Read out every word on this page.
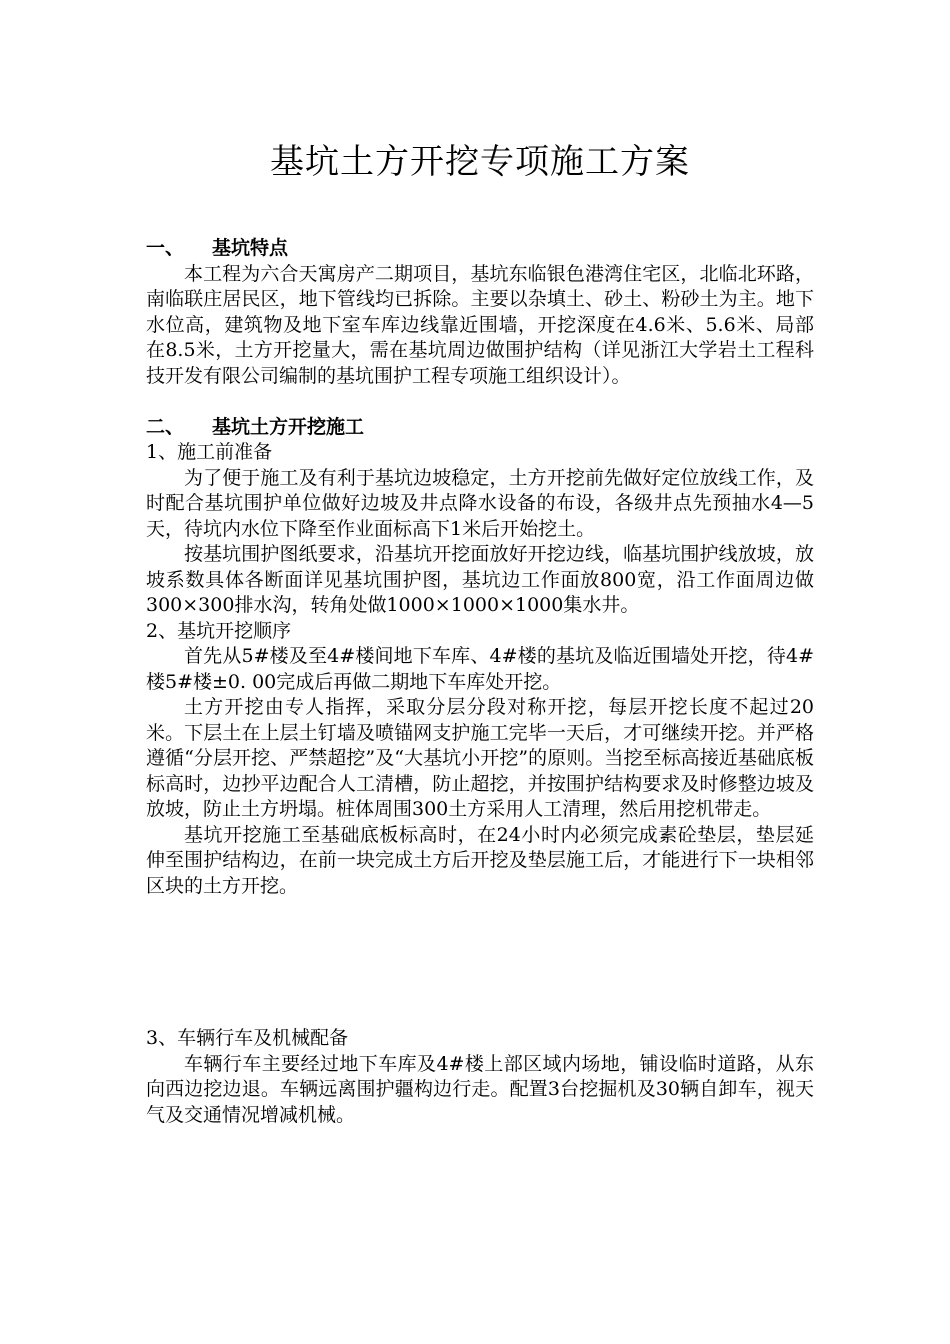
基坑土方开挖专项施工方案
一、 基坑特点

本工程为六合天寓房产二期项目，基坑东临银色港湾住宅区，北临北环路，南临联庄居民区，地下管线均已拆除。主要以杂填土、砂土、粉砂土为主。地下水位高，建筑物及地下室车库边线靠近围墙，开挖深度在4.6米、5.6米、局部在8.5米，土方开挖量大，需在基坑周边做围护结构（详见浙江大学岩土工程科技开发有限公司编制的基坑围护工程专项施工组织设计）。

二、 基坑土方开挖施工

1、施工前准备

为了便于施工及有利于基坑边坡稳定，土方开挖前先做好定位放线工作，及时配合基坑围护单位做好边坡及井点降水设备的布设，各级井点先预抽水4—5天，待坑内水位下降至作业面标高下1米后开始挖土。

按基坑围护图纸要求，沿基坑开挖面放好开挖边线，临基坑围护线放坡，放坡系数具体各断面详见基坑围护图，基坑边工作面放800宽，沿工作面周边做300×300排水沟，转角处做1000×1000×1000集水井。

2、基坑开挖顺序

首先从5#楼及至4#楼间地下车库、4#楼的基坑及临近围墙处开挖，待4#楼5#楼±0. 00完成后再做二期地下车库处开挖。

土方开挖由专人指挥，采取分层分段对称开挖，每层开挖长度不起过20米。下层土在上层土钉墙及喷锚网支护施工完毕一天后，才可继续开挖。并严格遵循“分层开挖、严禁超挖”及“大基坑小开挖”的原则。当挖至标高接近基础底板标高时，边抄平边配合人工清槽，防止超挖，并按围护结构要求及时修整边坡及放坡，防止土方坍塌。桩体周围300土方采用人工清理，然后用挖机带走。

基坑开挖施工至基础底板标高时，在24小时内必须完成素砼垫层，垫层延伸至围护结构边，在前一块完成土方后开挖及垫层施工后，才能进行下一块相邻区块的土方开挖。

3、车辆行车及机械配备

车辆行车主要经过地下车库及4#楼上部区域内场地，铺设临时道路，从东向西边挖边退。车辆远离围护疆构边行走。配置3台挖掘机及30辆自卸车，视天气及交通情况增减机械。
